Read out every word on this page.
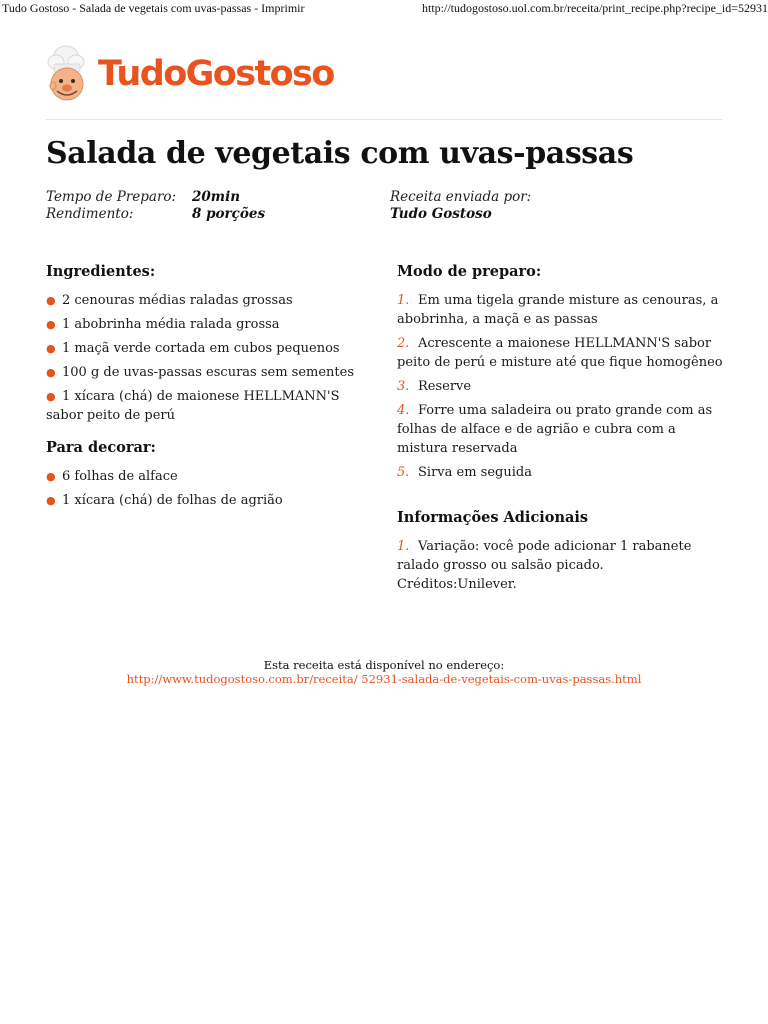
Tudo Gostoso - Salada de vegetais com uvas-passas - Imprimir	http://tudogostoso.uol.com.br/receita/print_recipe.php?recipe_id=52931
TudoGostoso
Salada de vegetais com uvas-passas
Tempo de Preparo: 20min
Rendimento:	8 porções
Receita enviada por:
Tudo Gostoso
Ingredientes:
● 2 cenouras médias raladas grossas
● 1 abobrinha média ralada grossa
● 1 maçã verde cortada em cubos pequenos
● 100 g de uvas-passas escuras sem sementes
● 1 xícara (chá) de maionese HELLMANN'S sabor peito de perú
Para decorar:
● 6 folhas de alface
● 1 xícara (chá) de folhas de agrião
Modo de preparo:
1. Em uma tigela grande misture as cenouras, a abobrinha, a maçã e as passas
2. Acrescente a maionese HELLMANN'S sabor peito de perú e misture até que fique homogêneo
3. Reserve
4. Forre uma saladeira ou prato grande com as folhas de alface e de agrião e cubra com a mistura reservada
5. Sirva em seguida
Informações Adicionais
1. Variação: você pode adicionar 1 rabanete ralado grosso ou salsão picado.
Créditos:Unilever.
Esta receita está disponível no endereço:
http://www.tudogostoso.com.br/receita/ 52931-salada-de-vegetais-com-uvas-passas.html
